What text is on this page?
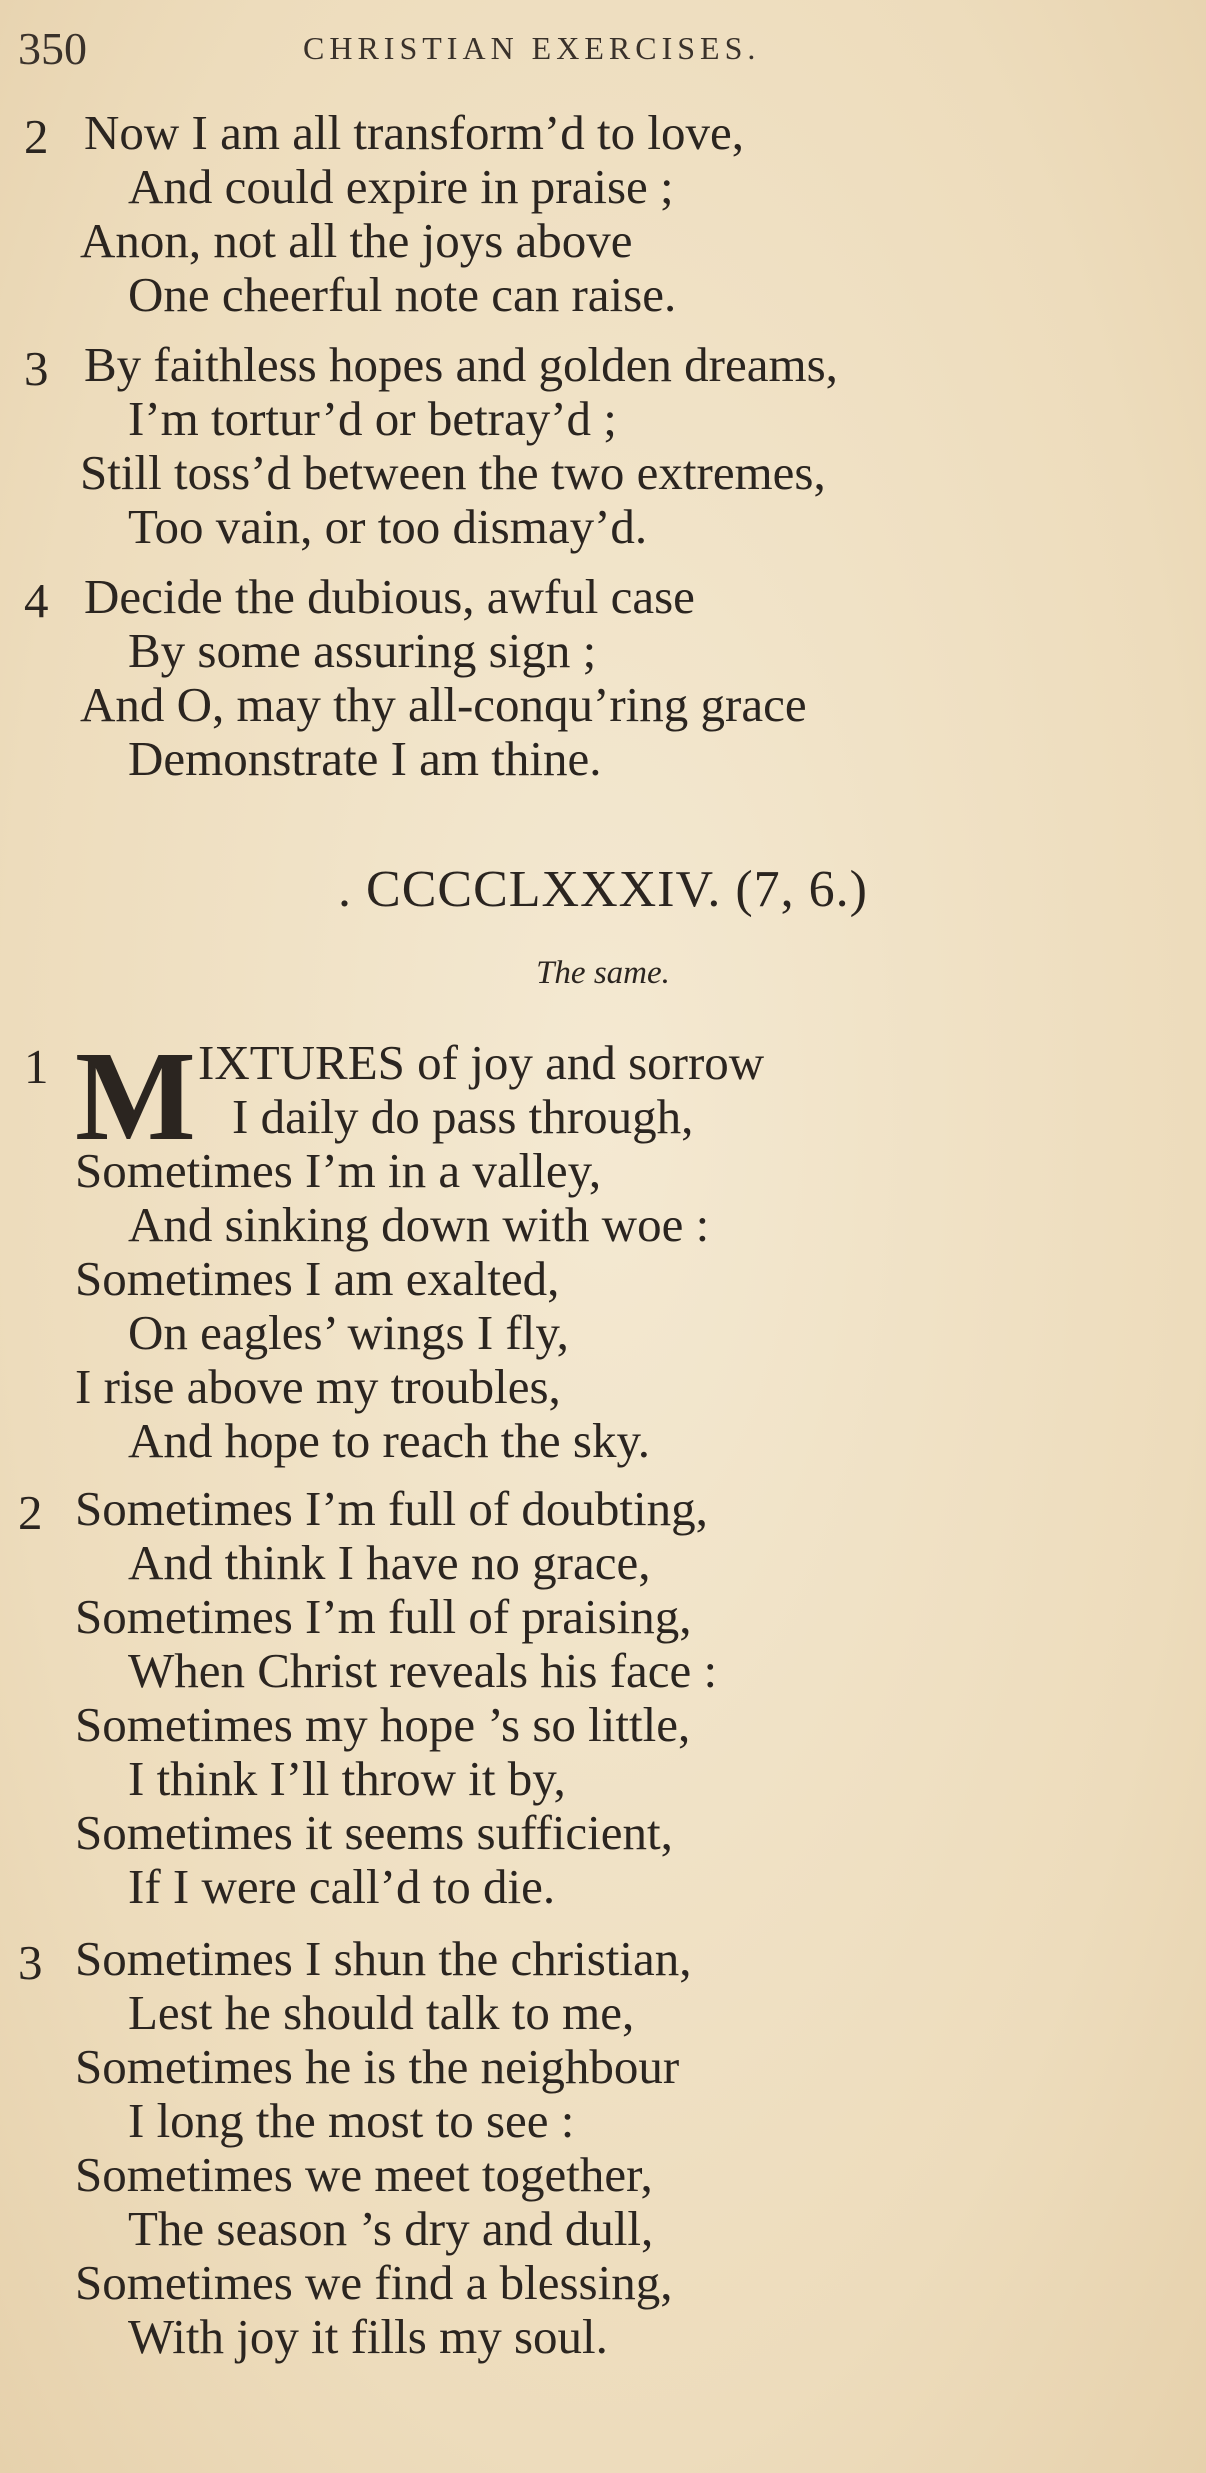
350	CHRISTIAN EXERCISES.
2 Now I am all transform’d to love,
And could expire in praise ;
Anon, not all the joys above
One cheerful note can raise.
3 By faithless hopes and golden dreams,
I’m tortur’d or betray’d ;
Still toss’d between the two extremes,
Too vain, or too dismay’d.
4 Decide the dubious, awful case
By some assuring sign ;
And O, may thy all-conqu’ring grace
Demonstrate I am thine.
. CCCCLXXXIV. (7, 6.)
The same.
1 M IXTURES of joy and sorrow
I daily do pass through,
Sometimes I’m in a valley,
And sinking down with woe :
Sometimes I am exalted,
On eagles’ wings I fly,
I rise above my troubles,
And hope to reach the sky.
2 Sometimes I’m full of doubting,
And think I have no grace,
Sometimes I’m full of praising,
When Christ reveals his face :
Sometimes my hope ’s so little,
I think I’ll throw it by,
Sometimes it seems sufficient,
If I were call’d to die.
3 Sometimes I shun the christian,
Lest he should talk to me,
Sometimes he is the neighbour
I long the most to see :
Sometimes we meet together,
The season ’s dry and dull,
Sometimes we find a blessing,
With joy it fills my soul.
